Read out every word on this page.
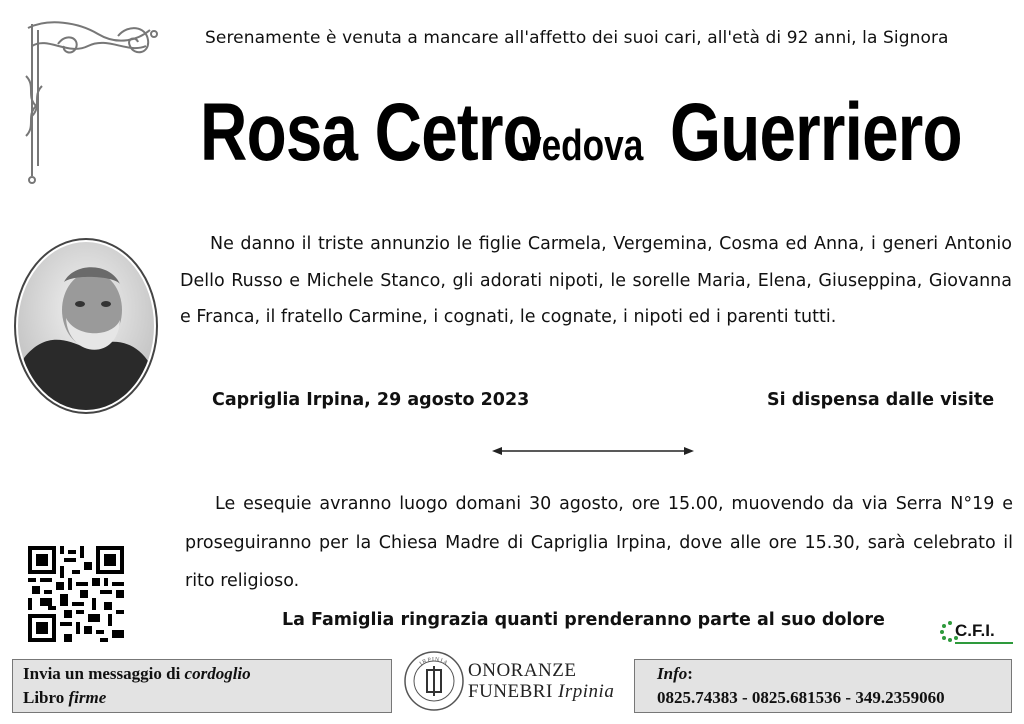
Serenamente è venuta a mancare all'affetto dei suoi cari, all'età di 92 anni, la Signora
Rosa Cetrovedova Guerriero
Ne danno il triste annunzio le figlie Carmela, Vergemina, Cosma ed Anna, i generi Antonio Dello Russo e Michele Stanco, gli adorati nipoti, le sorelle Maria, Elena, Giuseppina, Giovanna e Franca, il fratello Carmine, i cognati, le cognate, i nipoti ed i parenti tutti.
Capriglia Irpina, 29 agosto 2023	Si dispensa dalle visite
Le esequie avranno luogo domani 30 agosto, ore 15.00, muovendo da via Serra N°19 e proseguiranno per la Chiesa Madre di Capriglia Irpina, dove alle ore 15.30, sarà celebrato il rito religioso.
La Famiglia ringrazia quanti prenderanno parte al suo dolore
C.F.I.
Invia un messaggio di cordoglio
Libro firme
IRPINIA ONORANZE
FUNEBRI Irpinia
Info:
0825.74383 - 0825.681536 - 349.2359060
